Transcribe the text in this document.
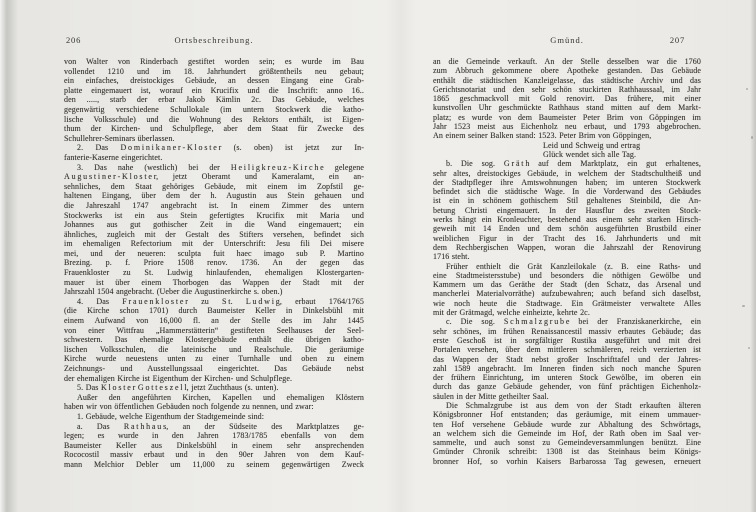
206	Ortsbeschreibung.
von Walter von Rinderbach gestiftet worden sein; es wurde im Bau
vollendet 1210 und im 18. Jahrhundert größtentheils neu gebaut;
ein einfaches, dreistockiges Gebäude, an dessen Eingang eine Grab-
platte eingemauert ist, worauf ein Krucifix und die Inschrift: anno 16..
den ....., starb der erbar Jakob Kämlin 2c. Das Gebäude, welches
gegenwärtig verschiedene Schullokale (im untern Stockwerk die katho-
lische Volksschule) und die Wohnung des Rektors enthält, ist Eigen-
thum der Kirchen- und Schulpflege, aber dem Staat für Zwecke des
Schullehrer-Seminars überlassen.
2. Das D o m i n i k a n e r - K l o s t e r (s. oben) ist jetzt zur In-
fanterie-Kaserne eingerichtet.
3. Das nahe (westlich) bei der H e i l i g k r e u z - K i r c h e gelegene
A u g u s t i n e r - K l o s t e r, jetzt Oberamt und Kameralamt, ein an-
sehnliches, dem Staat gehöriges Gebäude, mit einem im Zopfstil ge-
haltenen Eingang, über dem der h. Augustin aus Stein gehauen und
die Jahreszahl 1747 angebracht ist. In einem Zimmer des untern
Stockwerks ist ein aus Stein gefertigtes Krucifix mit Maria und
Johannes aus gut gothischer Zeit in die Wand eingemauert; ein
ähnliches, zugleich mit der Gestalt des Stifters versehen, befindet sich
im ehemaligen Refectorium mit der Unterschrift: Jesu fili Dei misere
mei, und der neueren: sculpta fuit haec imago sub P. Martino
Brezing. p. f. Priore 1508 renov. 1736. An der gegen das
Frauenkloster zu St. Ludwig hinlaufenden, ehemaligen Klostergarten-
mauer ist über einem Thorbogen das Wappen der Stadt mit der
Jahrszahl 1504 angebracht. (Ueber die Augustinerkirche s. oben.)
4. Das F r a u e n k l o s t e r zu S t. L u d w i g, erbaut 1764/1765
(die Kirche schon 1701) durch Baumeister Keller in Dinkelsbühl mit
einem Aufwand von 16,000 fl. an der Stelle des im Jahr 1445
von einer Wittfrau „Hammerstätterin“ gestifteten Seelhauses der Seel-
schwestern. Das ehemalige Klostergebäude enthält die übrigen katho-
lischen Volksschulen, die lateinische und Realschule. Die geräumige
Kirche wurde neuestens unten zu einer Turnhalle und oben zu einem
Zeichnungs- und Ausstellungssaal eingerichtet. Das Gebäude nebst
der ehemaligen Kirche ist Eigenthum der Kirchen- und Schulpflege.
5. Das K l o s t e r G o t t e s z e l l, jetzt Zuchthaus (s. unten).
Außer den angeführten Kirchen, Kapellen und ehemaligen Klöstern
haben wir von öffentlichen Gebäuden noch folgende zu nennen, und zwar:
1. Gebäude, welche Eigenthum der Stadtgemeinde sind:
a. Das R a t h h a u s, an der Südseite des Marktplatzes ge-
legen; es wurde in den Jahren 1783/1785 ebenfalls von dem
Baumeister Keller aus Dinkelsbühl in einem sehr ansprechenden
Rococostil massiv erbaut und in den 90er Jahren von dem Kauf-
mann Melchior Debler um 11,000 zu seinem gegenwärtigen Zweck
Gmünd.	207
an die Gemeinde verkauft. An der Stelle desselben war die 1760
zum Abbruch gekommene obere Apotheke gestanden. Das Gebäude
enthält die städtischen Kanzleigelasse, das städtische Archiv und das
Gerichtsnotariat und den sehr schön stuckirten Rathhaussaal, im Jahr
1865 geschmackvoll mit Gold renovirt. Das frühere, mit einer
kunstvollen Uhr geschmückte Rathhaus stand mitten auf dem Markt-
platz; es wurde von dem Baumeister Peter Brim von Göppingen im
Jahr 1523 meist aus Eichenholz neu erbaut, und 1793 abgebrochen.
An einem seiner Balken stand: 1523. Peter Brim von Göppingen,
Leid und Schweig und ertrag
Glück wendet sich alle Tag.
b. Die sog. G r ä t h auf dem Marktplatz, ein gut erhaltenes,
sehr altes, dreistockiges Gebäude, in welchem der Stadtschultheiß und
der Stadtpfleger ihre Amtswohnungen haben; im unteren Stockwerk
befindet sich die städtische Wage. In die Vorderwand des Gebäudes
ist ein in schönem gothischem Stil gehaltenes Steinbild, die An-
betung Christi eingemauert. In der Hausflur des zweiten Stock-
werks hängt ein Kronleuchter, bestehend aus einem sehr starken Hirsch-
geweih mit 14 Enden und dem schön ausgeführten Brustbild einer
weiblichen Figur in der Tracht des 16. Jahrhunderts und mit
dem Rechbergischen Wappen, woran die Jahrszahl der Renovirung
1716 steht.
Früher enthielt die Grät Kanzleilokale (z. B. eine Raths- und
eine Stadtmeistersstube) und besonders die nöthigen Gewölbe und
Kammern um das Geräthe der Stadt (den Schatz, das Arsenal und
mancherlei Materialvorräthe) aufzubewahren; auch befand sich daselbst,
wie noch heute die Stadtwage. Ein Grätmeister verwaltete Alles
mit der Grätmagd, welche einheizte, kehrte 2c.
c. Die sog. S c h m a l z g r u b e bei der Franziskanerkirche, ein
sehr schönes, im frühen Renaissancestil massiv erbautes Gebäude; das
erste Geschoß ist in sorgfältiger Rustika ausgeführt und mit drei
Portalen versehen, über dem mittleren schmäleren, reich verzierten ist
das Wappen der Stadt nebst großer Inschrifttafel und der Jahres-
zahl 1589 angebracht. Im Inneren finden sich noch manche Spuren
der frühern Einrichtung, im unteren Stock Gewölbe, im oberen ein
durch das ganze Gebäude gehender, von fünf prächtigen Eichenholz-
säulen in der Mitte getheilter Saal.
Die Schmalzgrube ist aus dem von der Stadt erkauften älteren
Königsbronner Hof entstanden; das geräumige, mit einem ummauer-
ten Hof versehene Gebäude wurde zur Abhaltung des Schwörtags,
an welchem sich die Gemeinde im Hof, der Rath oben im Saal ver-
sammelte, und auch sonst zu Gemeindeversammlungen benützt. Eine
Gmünder Chronik schreibt: 1308 ist das Steinhaus beim Königs-
bronner Hof, so vorhin Kaisers Barbarossa Tag gewesen, erneuert
